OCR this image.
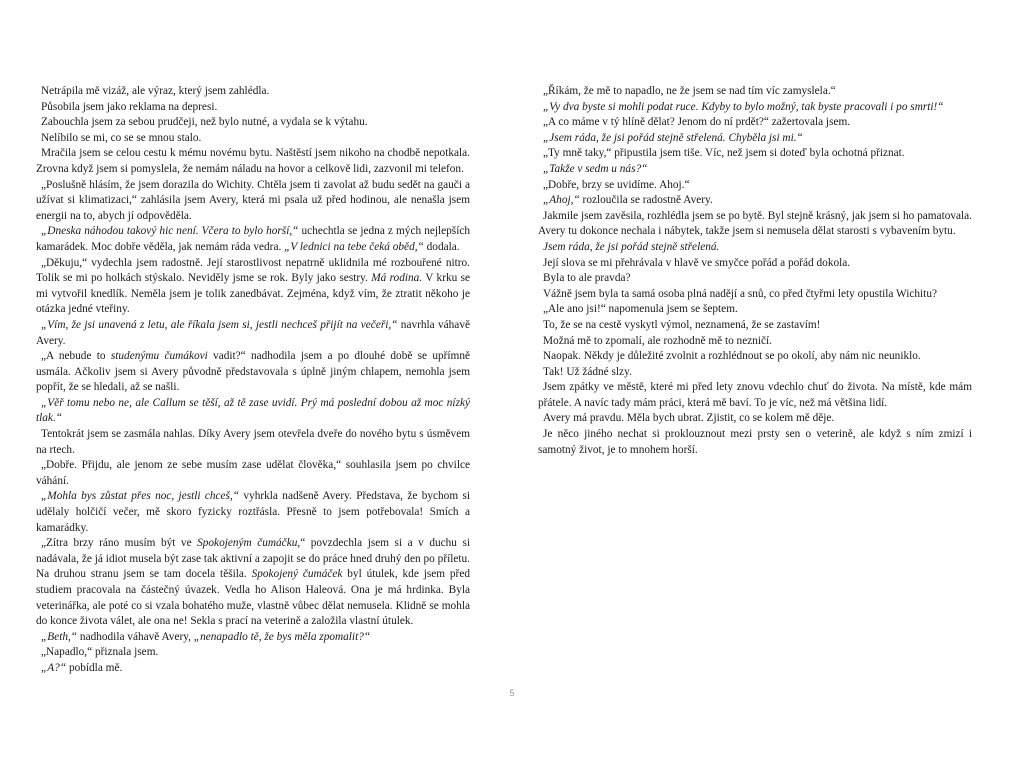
Netrápila mě vizáž, ale výraz, který jsem zahlédla.

Působila jsem jako reklama na depresi.

Zabouchla jsem za sebou prudčeji, než bylo nutné, a vydala se k výtahu.

Nelíbilo se mi, co se se mnou stalo.

Mračila jsem se celou cestu k mému novému bytu. Naštěstí jsem nikoho na chodbě nepotkala. Zrovna když jsem si pomyslela, že nemám náladu na hovor a celkově lidi, zazvonil mi telefon.

„Poslušně hlásím, že jsem dorazila do Wichity. Chtěla jsem ti zavolat až budu sedět na gauči a užívat si klimatizaci,“ zahlásila jsem Avery, která mi psala už před hodinou, ale nenašla jsem energii na to, abych jí odpověděla.

„Dneska náhodou takový hic není. Včera to bylo horší,“ uchechtla se jedna z mých nejlepších kamarádek. Moc dobře věděla, jak nemám ráda vedra. „V lednici na tebe čeká oběd,“ dodala.

„Děkuju,“ vydechla jsem radostně. Její starostlivost nepatrně uklidnila mé rozbouřené nitro. Tolik se mi po holkách stýskalo. Neviděly jsme se rok. Byly jako sestry. Má rodina. V krku se mi vytvořil knedlík. Neměla jsem je tolik zanedbávat. Zejména, když vím, že ztratit někoho je otázka jedné vteřiny.

„Vím, že jsi unavená z letu, ale říkala jsem si, jestli nechceš přijít na večeři,“ navrhla váhavě Avery.

„A nebude to studenýmu čumákovi vadit?“ nadhodila jsem a po dlouhé době se upřímně usmála. Ačkoliv jsem si Avery původně představovala s úplně jiným chlapem, nemohla jsem popřít, že se hledali, až se našli.

„Věř tomu nebo ne, ale Callum se těší, až tě zase uvidí. Prý má poslední dobou až moc nízký tlak.“

Tentokrát jsem se zasmála nahlas. Díky Avery jsem otevřela dveře do nového bytu s úsměvem na rtech.

„Dobře. Přijdu, ale jenom ze sebe musím zase udělat člověka,“ souhlasila jsem po chvilce váhání.

„Mohla bys zůstat přes noc, jestli chceš,“ vyhrkla nadšeně Avery. Představa, že bychom si udělaly holčičí večer, mě skoro fyzicky roztřásla. Přesně to jsem potřebovala! Smích a kamarádky.

„Zítra brzy ráno musím být ve Spokojeným čumáčku,“ povzdechla jsem si a v duchu si nadávala, že já idiot musela být zase tak aktivní a zapojit se do práce hned druhý den po příletu. Na druhou stranu jsem se tam docela těšila. Spokojený čumáček byl útulek, kde jsem před studiem pracovala na částečný úvazek. Vedla ho Alison Haleová. Ona je má hrdinka. Byla veterinářka, ale poté co si vzala bohatého muže, vlastně vůbec dělat nemusela. Klidně se mohla do konce života válet, ale ona ne! Sekla s prací na veterině a založila vlastní útulek.

„Beth,“ nadhodila váhavě Avery, „nenapadlo tě, že bys měla zpomalit?“

„Napadlo,“ přiznala jsem.

„A?“ pobídla mě.

„Říkám, že mě to napadlo, ne že jsem se nad tím víc zamyslela.“

„Vy dva byste si mohli podat ruce. Kdyby to bylo možný, tak byste pracovali i po smrti!“

„A co máme v tý hlíně dělat? Jenom do ní prdět?“ zažertovala jsem.

„Jsem ráda, že jsi pořád stejně střelená. Chyběla jsi mi.“

„Ty mně taky,“ připustila jsem tiše. Víc, než jsem si doteď byla ochotná přiznat.

„Takže v sedm u nás?“

„Dobře, brzy se uvidíme. Ahoj.“

„Ahoj,“ rozloučila se radostně Avery.

Jakmile jsem zavěsila, rozhlédla jsem se po bytě. Byl stejně krásný, jak jsem si ho pamatovala. Avery tu dokonce nechala i nábytek, takže jsem si nemusela dělat starosti s vybavením bytu.

Jsem ráda, že jsi pořád stejně střelená.

Její slova se mi přehrávala v hlavě ve smyčce pořád a pořád dokola.

Byla to ale pravda?

Vážně jsem byla ta samá osoba plná nadějí a snů, co před čtyřmi lety opustila Wichitu?

„Ale ano jsi!“ napomenula jsem se šeptem.

To, že se na cestě vyskytl výmol, neznamená, že se zastavím!

Možná mě to zpomalí, ale rozhodně mě to nezničí.

Naopak. Někdy je důležité zvolnit a rozhlédnout se po okolí, aby nám nic neuniklo.

Tak! Už žádné slzy.

Jsem zpátky ve městě, které mi před lety znovu vdechlo chuť do života. Na místě, kde mám přátele. A navíc tady mám práci, která mě baví. To je víc, než má většina lidí.

Avery má pravdu. Měla bych ubrat. Zjistit, co se kolem mě děje.

Je něco jiného nechat si proklouznout mezi prsty sen o veterině, ale když s ním zmizí i samotný život, je to mnohem horší.

5
